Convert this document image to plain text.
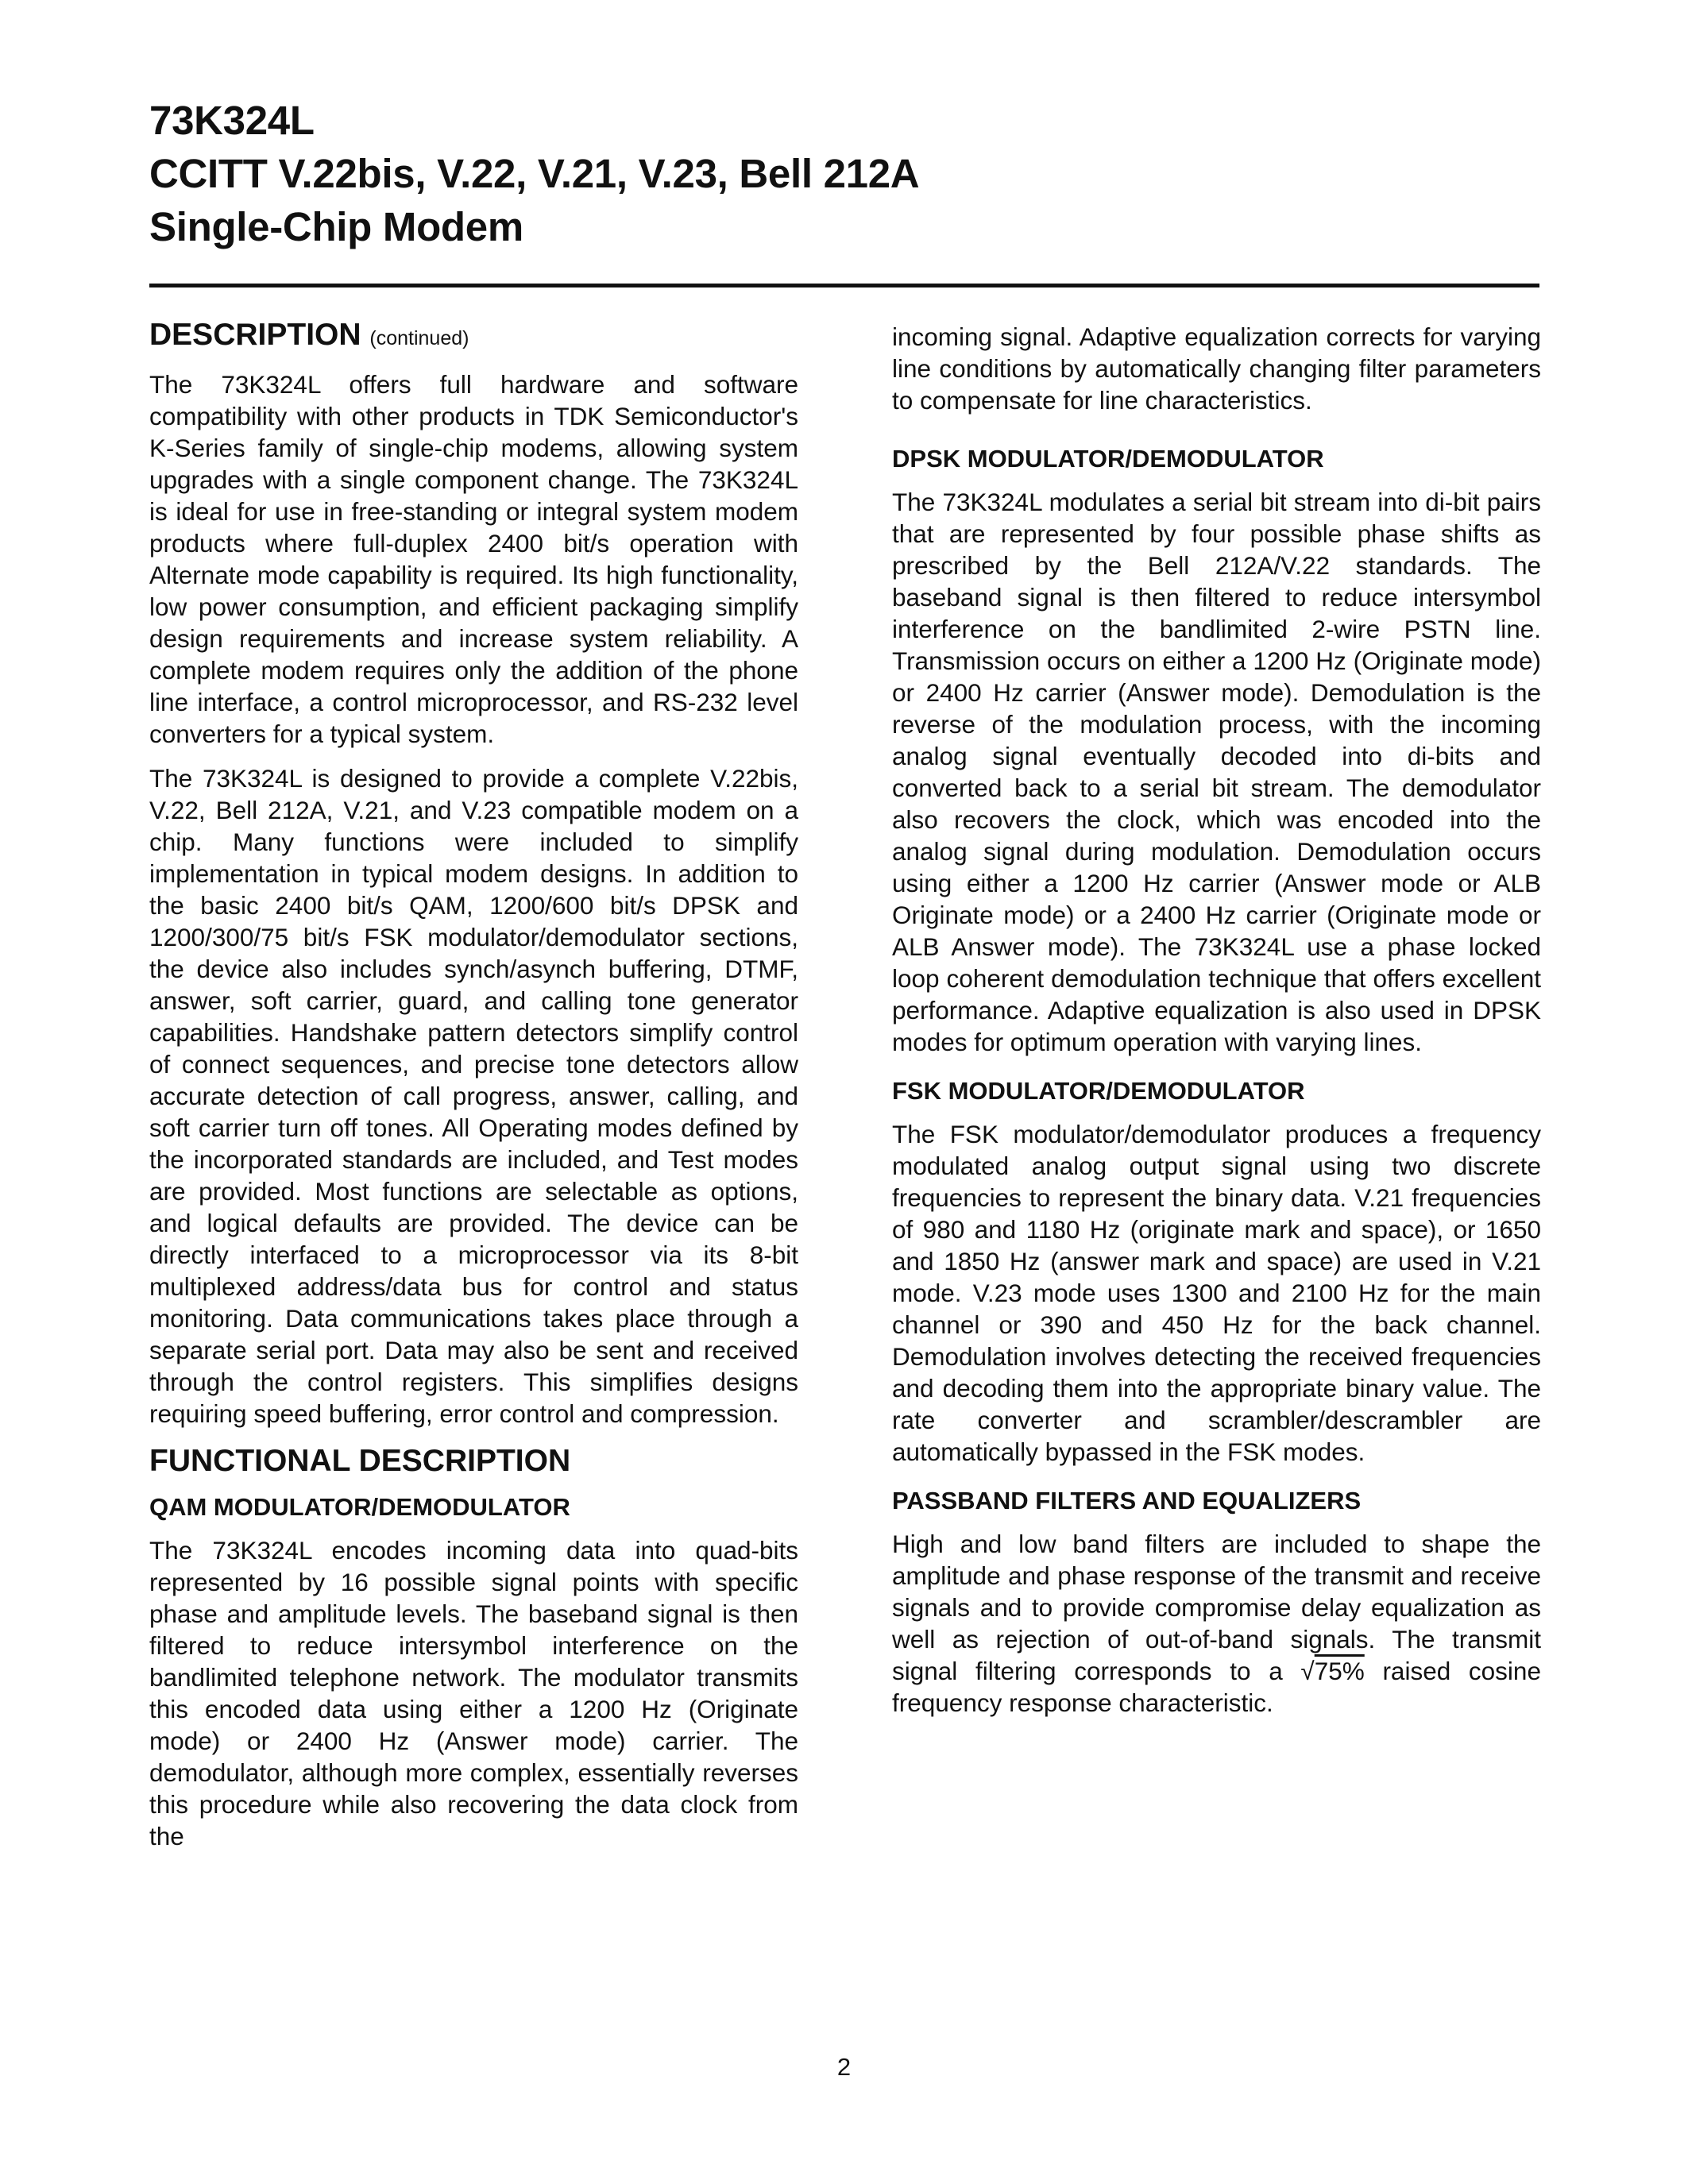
73K324L
CCITT V.22bis, V.22, V.21, V.23, Bell 212A
Single-Chip Modem
DESCRIPTION (continued)

The 73K324L offers full hardware and software compatibility with other products in TDK Semiconductor's K-Series family of single-chip modems, allowing system upgrades with a single component change. The 73K324L is ideal for use in free-standing or integral system modem products where full-duplex 2400 bit/s operation with Alternate mode capability is required. Its high functionality, low power consumption, and efficient packaging simplify design requirements and increase system reliability. A complete modem requires only the addition of the phone line interface, a control microprocessor, and RS-232 level converters for a typical system.

The 73K324L is designed to provide a complete V.22bis, V.22, Bell 212A, V.21, and V.23 compatible modem on a chip. Many functions were included to simplify implementation in typical modem designs. In addition to the basic 2400 bit/s QAM, 1200/600 bit/s DPSK and 1200/300/75 bit/s FSK modulator/demodulator sections, the device also includes synch/asynch buffering, DTMF, answer, soft carrier, guard, and calling tone generator capabilities. Handshake pattern detectors simplify control of connect sequences, and precise tone detectors allow accurate detection of call progress, answer, calling, and soft carrier turn off tones. All Operating modes defined by the incorporated standards are included, and Test modes are provided. Most functions are selectable as options, and logical defaults are provided. The device can be directly interfaced to a microprocessor via its 8-bit multiplexed address/data bus for control and status monitoring. Data communications takes place through a separate serial port. Data may also be sent and received through the control registers. This simplifies designs requiring speed buffering, error control and compression.

FUNCTIONAL DESCRIPTION
QAM MODULATOR/DEMODULATOR

The 73K324L encodes incoming data into quad-bits represented by 16 possible signal points with specific phase and amplitude levels. The baseband signal is then filtered to reduce intersymbol interference on the bandlimited telephone network. The modulator transmits this encoded data using either a 1200 Hz (Originate mode) or 2400 Hz (Answer mode) carrier. The demodulator, although more complex, essentially reverses this procedure while also recovering the data clock from the

incoming signal. Adaptive equalization corrects for varying line conditions by automatically changing filter parameters to compensate for line characteristics.

DPSK MODULATOR/DEMODULATOR

The 73K324L modulates a serial bit stream into di-bit pairs that are represented by four possible phase shifts as prescribed by the Bell 212A/V.22 standards. The baseband signal is then filtered to reduce intersymbol interference on the bandlimited 2-wire PSTN line. Transmission occurs on either a 1200 Hz (Originate mode) or 2400 Hz carrier (Answer mode). Demodulation is the reverse of the modulation process, with the incoming analog signal eventually decoded into di-bits and converted back to a serial bit stream. The demodulator also recovers the clock, which was encoded into the analog signal during modulation. Demodulation occurs using either a 1200 Hz carrier (Answer mode or ALB Originate mode) or a 2400 Hz carrier (Originate mode or ALB Answer mode). The 73K324L use a phase locked loop coherent demodulation technique that offers excellent performance. Adaptive equalization is also used in DPSK modes for optimum operation with varying lines.

FSK MODULATOR/DEMODULATOR

The FSK modulator/demodulator produces a frequency modulated analog output signal using two discrete frequencies to represent the binary data. V.21 frequencies of 980 and 1180 Hz (originate mark and space), or 1650 and 1850 Hz (answer mark and space) are used in V.21 mode. V.23 mode uses 1300 and 2100 Hz for the main channel or 390 and 450 Hz for the back channel. Demodulation involves detecting the received frequencies and decoding them into the appropriate binary value. The rate converter and scrambler/descrambler are automatically bypassed in the FSK modes.

PASSBAND FILTERS AND EQUALIZERS

High and low band filters are included to shape the amplitude and phase response of the transmit and receive signals and to provide compromise delay equalization as well as rejection of out-of-band signals. The transmit signal filtering corresponds to a √75% raised cosine frequency response characteristic.

2
